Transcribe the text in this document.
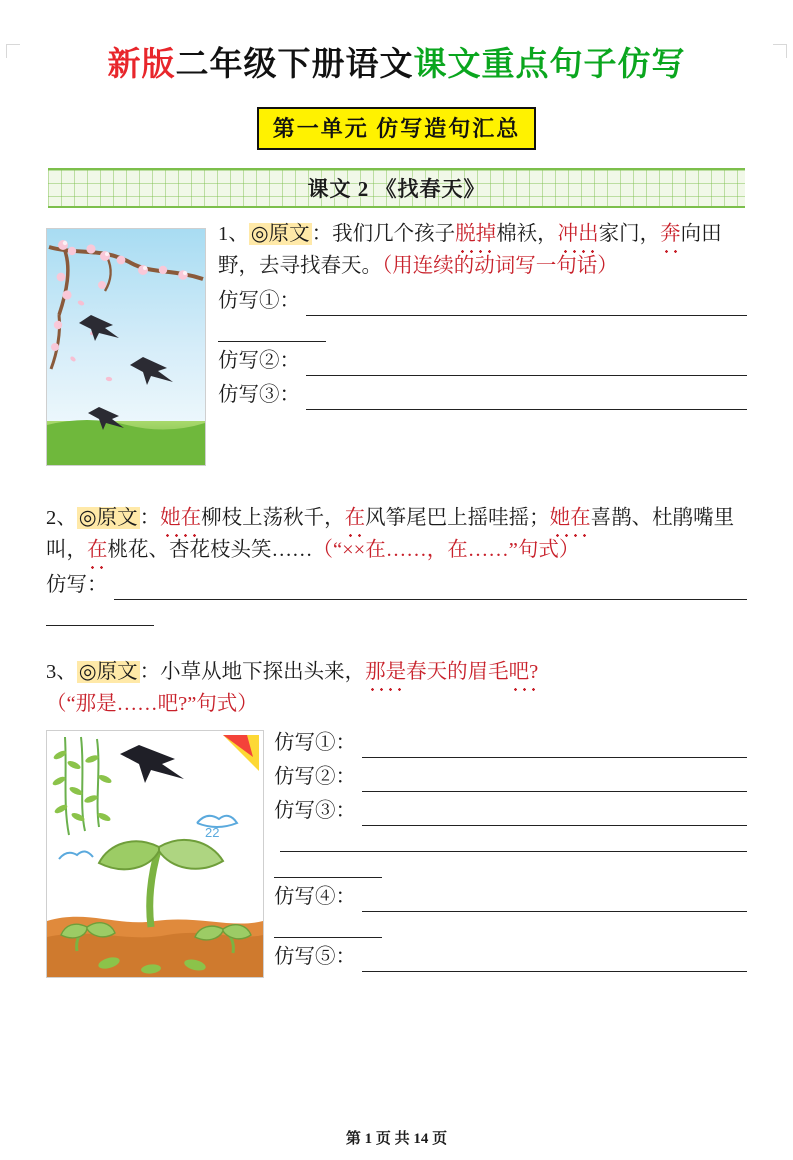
新版二年级下册语文课文重点句子仿写
第一单元 仿写造句汇总
课文 2 《找春天》

1、◎原文：我们几个孩子脱掉棉袄，冲出家门，奔向田野，去寻找春天。（用连续的动词写一句话）

仿写①：
仿写②：
仿写③：

2、◎原文：她在柳枝上荡秋千，在风筝尾巴上摇哇摇；她在喜鹊、杜鹃嘴里叫，在桃花、杏花枝头笑……（“××在……，在……”句式）

仿写：

3、◎原文：小草从地下探出头来，那是春天的眉毛吧?（“那是……吧?”句式）

22
仿写①：
仿写②：
仿写③：
仿写④：
仿写⑤：
第 1 页 共 14 页
